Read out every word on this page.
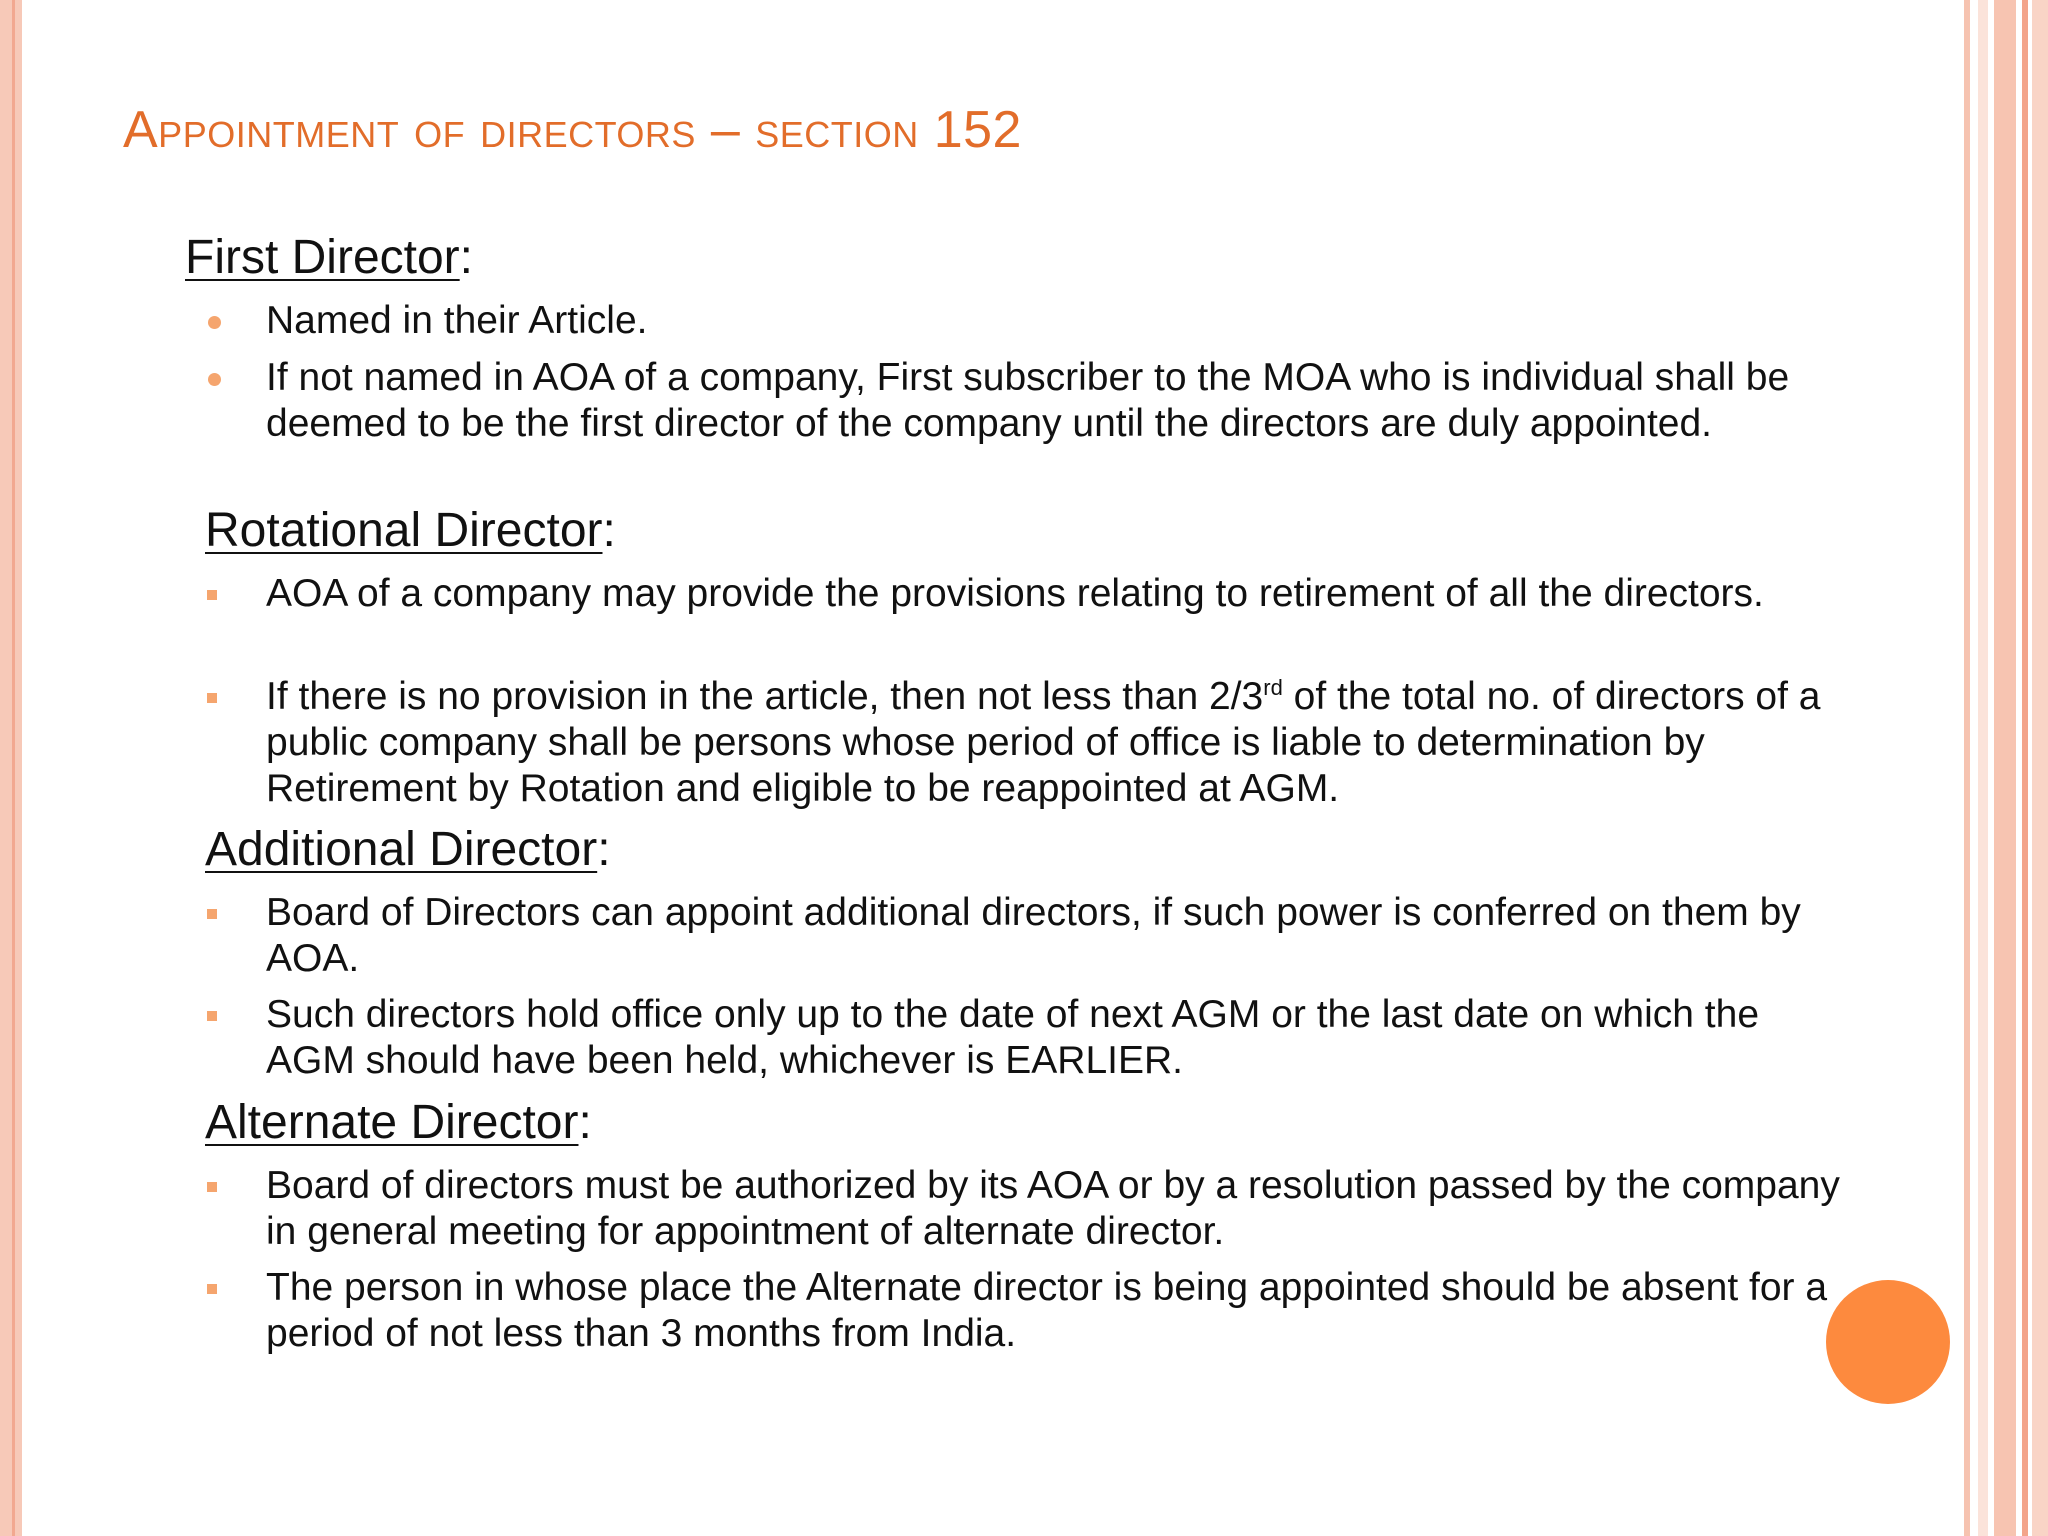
Appointment of directors – section 152
First Director:
Named in their Article.
If not named in AOA of a company, First subscriber to the MOA who is individual shall be deemed to be the first director of the company until the directors are duly appointed.
Rotational Director:
AOA of a company may provide the provisions relating to retirement of all the directors.
If there is no provision in the article, then not less than 2/3rd of the total no. of directors of a public company shall be persons whose period of office is liable to determination by Retirement by Rotation and eligible to be reappointed at AGM.
Additional Director:
Board of Directors can appoint additional directors, if such power is conferred on them by AOA.
Such directors hold office only up to the date of next AGM or the last date on which the AGM should have been held, whichever is EARLIER.
Alternate Director:
Board of directors must be authorized by its AOA or by a resolution passed by the company in general meeting for appointment of alternate director.
The person in whose place the Alternate director is being appointed should be absent for a period of not less than 3 months from India.
